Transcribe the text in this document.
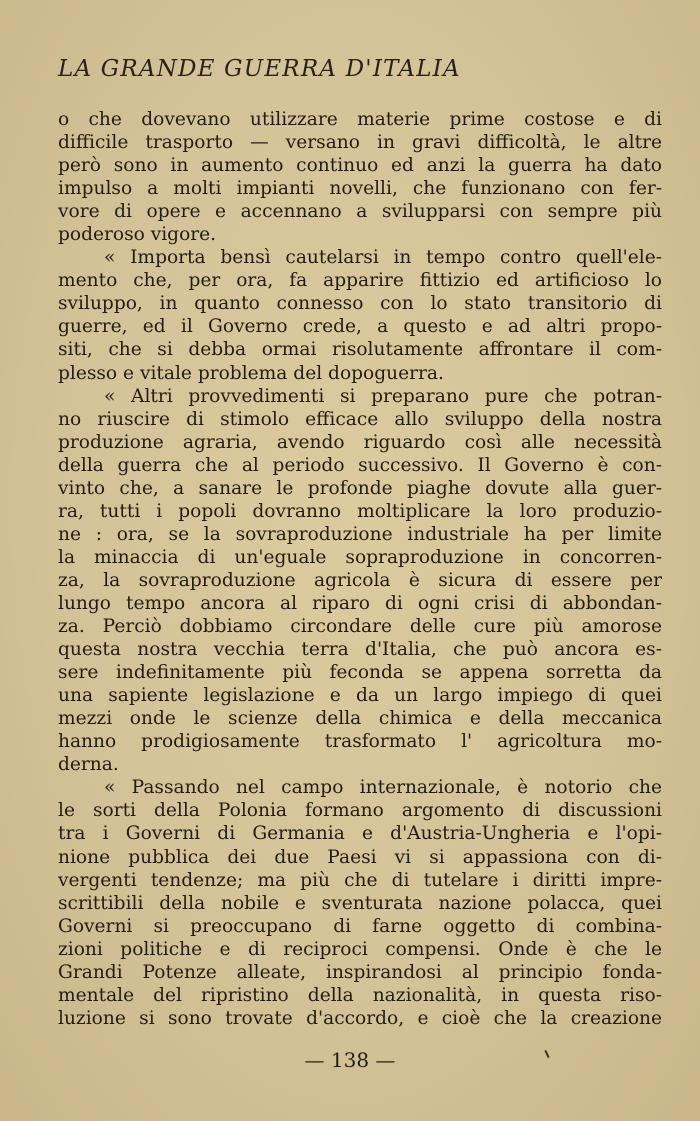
LA GRANDE GUERRA D'ITALIA
o che dovevano utilizzare materie prime costose e di
difficile trasporto — versano in gravi difficoltà, le altre
però sono in aumento continuo ed anzi la guerra ha dato
impulso a molti impianti novelli, che funzionano con fer-
vore di opere e accennano a svilupparsi con sempre più
poderoso vigore.
« Importa bensì cautelarsi in tempo contro quell'ele-
mento che, per ora, fa apparire fittizio ed artificioso lo
sviluppo, in quanto connesso con lo stato transitorio di
guerre, ed il Governo crede, a questo e ad altri propo-
siti, che si debba ormai risolutamente affrontare il com-
plesso e vitale problema del dopoguerra.
« Altri provvedimenti si preparano pure che potran-
no riuscire di stimolo efficace allo sviluppo della nostra
produzione agraria, avendo riguardo così alle necessità
della guerra che al periodo successivo. Il Governo è con-
vinto che, a sanare le profonde piaghe dovute alla guer-
ra, tutti i popoli dovranno moltiplicare la loro produzio-
ne : ora, se la sovraproduzione industriale ha per limite
la minaccia di un'eguale sopraproduzione in concorren-
za, la sovraproduzione agricola è sicura di essere per
lungo tempo ancora al riparo di ogni crisi di abbondan-
za. Perciò dobbiamo circondare delle cure più amorose
questa nostra vecchia terra d'Italia, che può ancora es-
sere indefinitamente più feconda se appena sorretta da
una sapiente legislazione e da un largo impiego di quei
mezzi onde le scienze della chimica e della meccanica
hanno prodigiosamente trasformato l' agricoltura mo-
derna.
« Passando nel campo internazionale, è notorio che
le sorti della Polonia formano argomento di discussioni
tra i Governi di Germania e d'Austria-Ungheria e l'opi-
nione pubblica dei due Paesi vi si appassiona con di-
vergenti tendenze; ma più che di tutelare i diritti impre-
scrittibili della nobile e sventurata nazione polacca, quei
Governi si preoccupano di farne oggetto di combina-
zioni politiche e di reciproci compensi. Onde è che le
Grandi Potenze alleate, inspirandosi al principio fonda-
mentale del ripristino della nazionalità, in questa riso-
luzione si sono trovate d'accordo, e cioè che la creazione
— 138 —
